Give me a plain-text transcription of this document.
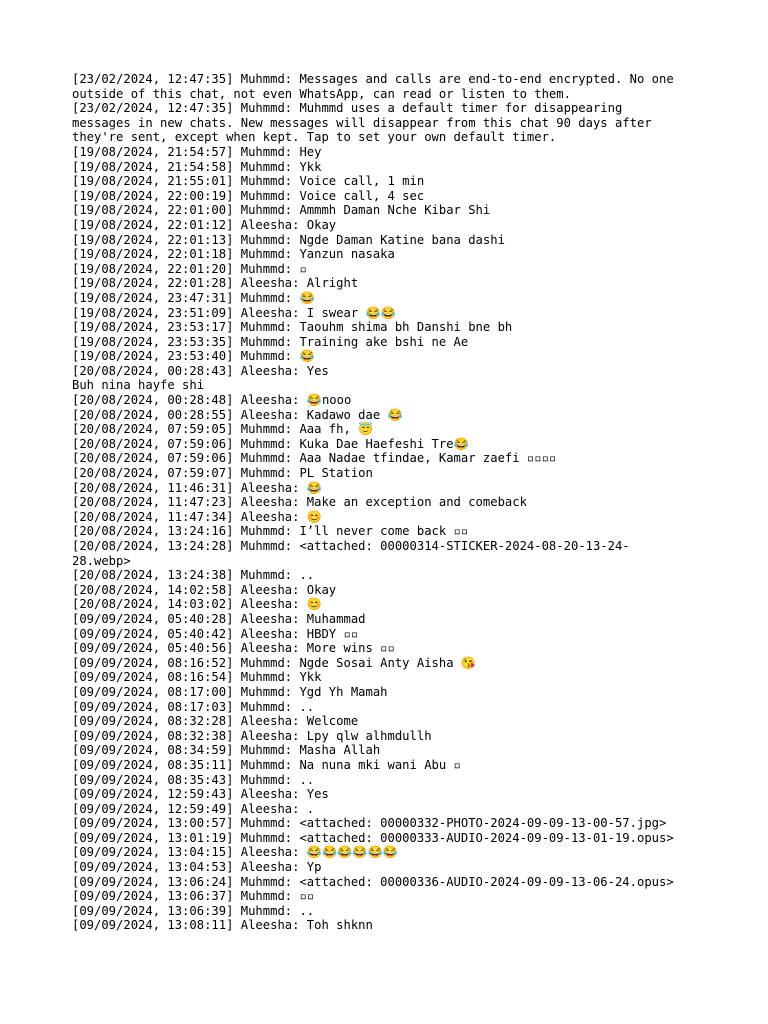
[23/02/2024, 12:47:35] Muhmmd: Messages and calls are end-to-end encrypted. No one
outside of this chat, not even WhatsApp, can read or listen to them.
[23/02/2024, 12:47:35] Muhmmd: Muhmmd uses a default timer for disappearing
messages in new chats. New messages will disappear from this chat 90 days after
they're sent, except when kept. Tap to set your own default timer.
[19/08/2024, 21:54:57] Muhmmd: Hey
[19/08/2024, 21:54:58] Muhmmd: Ykk
[19/08/2024, 21:55:01] Muhmmd: Voice call, 1 min
[19/08/2024, 22:00:19] Muhmmd: Voice call, 4 sec
[19/08/2024, 22:01:00] Muhmmd: Ammmh Daman Nche Kibar Shi
[19/08/2024, 22:01:12] Aleesha: Okay
[19/08/2024, 22:01:13] Muhmmd: Ngde Daman Katine bana dashi
[19/08/2024, 22:01:18] Muhmmd: Yanzun nasaka
[19/08/2024, 22:01:20] Muhmmd: ▫
[19/08/2024, 22:01:28] Aleesha: Alright
[19/08/2024, 23:47:31] Muhmmd: 😂
[19/08/2024, 23:51:09] Aleesha: I swear 😂😂
[19/08/2024, 23:53:17] Muhmmd: Taouhm shima bh Danshi bne bh
[19/08/2024, 23:53:35] Muhmmd: Training ake bshi ne Ae
[19/08/2024, 23:53:40] Muhmmd: 😂
[20/08/2024, 00:28:43] Aleesha: Yes
Buh nina hayfe shi
[20/08/2024, 00:28:48] Aleesha: 😂nooo
[20/08/2024, 00:28:55] Aleesha: Kadawo dae 😂
[20/08/2024, 07:59:05] Muhmmd: Aaa fh, 😇
[20/08/2024, 07:59:06] Muhmmd: Kuka Dae Haefeshi Tre😂
[20/08/2024, 07:59:06] Muhmmd: Aaa Nadae tfindae, Kamar zaefi ▫▫▫▫
[20/08/2024, 07:59:07] Muhmmd: PL Station
[20/08/2024, 11:46:31] Aleesha: 😂
[20/08/2024, 11:47:23] Aleesha: Make an exception and comeback
[20/08/2024, 11:47:34] Aleesha: 😊
[20/08/2024, 13:24:16] Muhmmd: I’ll never come back ▫▫
[20/08/2024, 13:24:28] Muhmmd: <attached: 00000314-STICKER-2024-08-20-13-24-
28.webp>
[20/08/2024, 13:24:38] Muhmmd: ..
[20/08/2024, 14:02:58] Aleesha: Okay
[20/08/2024, 14:03:02] Aleesha: 😊
[09/09/2024, 05:40:28] Aleesha: Muhammad
[09/09/2024, 05:40:42] Aleesha: HBDY ▫▫
[09/09/2024, 05:40:56] Aleesha: More wins ▫▫
[09/09/2024, 08:16:52] Muhmmd: Ngde Sosai Anty Aisha 😘
[09/09/2024, 08:16:54] Muhmmd: Ykk
[09/09/2024, 08:17:00] Muhmmd: Ygd Yh Mamah
[09/09/2024, 08:17:03] Muhmmd: ..
[09/09/2024, 08:32:28] Aleesha: Welcome
[09/09/2024, 08:32:38] Aleesha: Lpy qlw alhmdullh
[09/09/2024, 08:34:59] Muhmmd: Masha Allah
[09/09/2024, 08:35:11] Muhmmd: Na nuna mki wani Abu ▫
[09/09/2024, 08:35:43] Muhmmd: ..
[09/09/2024, 12:59:43] Aleesha: Yes
[09/09/2024, 12:59:49] Aleesha: .
[09/09/2024, 13:00:57] Muhmmd: <attached: 00000332-PHOTO-2024-09-09-13-00-57.jpg>
[09/09/2024, 13:01:19] Muhmmd: <attached: 00000333-AUDIO-2024-09-09-13-01-19.opus>
[09/09/2024, 13:04:15] Aleesha: 😂😂😂😂😂😂
[09/09/2024, 13:04:53] Aleesha: Yp
[09/09/2024, 13:06:24] Muhmmd: <attached: 00000336-AUDIO-2024-09-09-13-06-24.opus>
[09/09/2024, 13:06:37] Muhmmd: ▫▫
[09/09/2024, 13:06:39] Muhmmd: ..
[09/09/2024, 13:08:11] Aleesha: Toh shknn
